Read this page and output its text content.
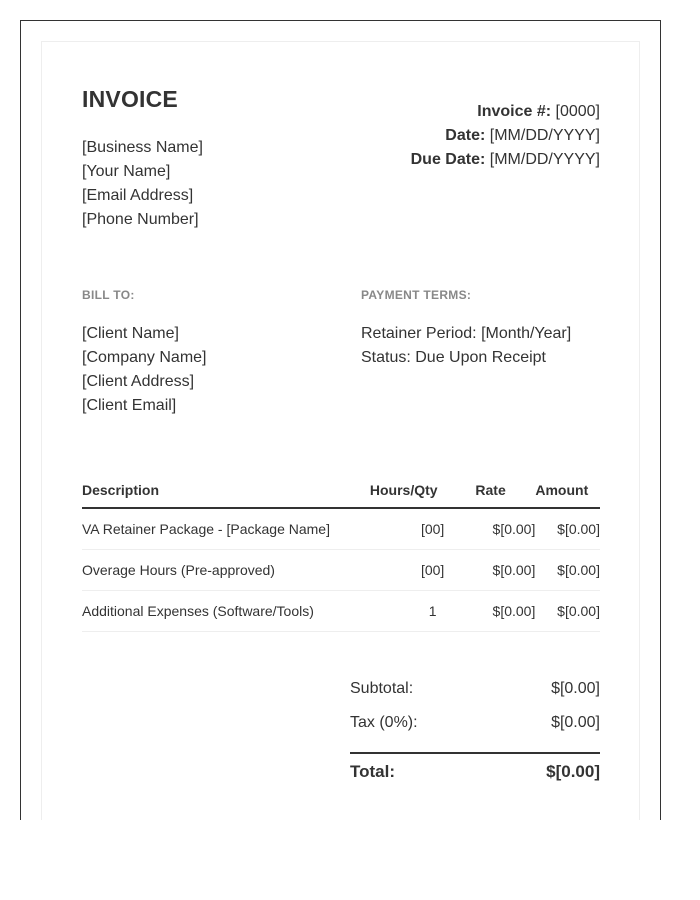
INVOICE
[Business Name]
[Your Name]
[Email Address]
[Phone Number]
Invoice #: [0000]
Date: [MM/DD/YYYY]
Due Date: [MM/DD/YYYY]
BILL TO:	PAYMENT TERMS:
[Client Name]
[Company Name]
[Client Address]
[Client Email]
Retainer Period: [Month/Year]
Status: Due Upon Receipt
Description	Hours/Qty	Rate	Amount
VA Retainer Package - [Package Name]	[00]	$[0.00]	$[0.00]
Overage Hours (Pre-approved)	[00]	$[0.00]	$[0.00]
Additional Expenses (Software/Tools)	1	$[0.00]	$[0.00]
Subtotal:	$[0.00]
Tax (0%):	$[0.00]
Total:	$[0.00]
